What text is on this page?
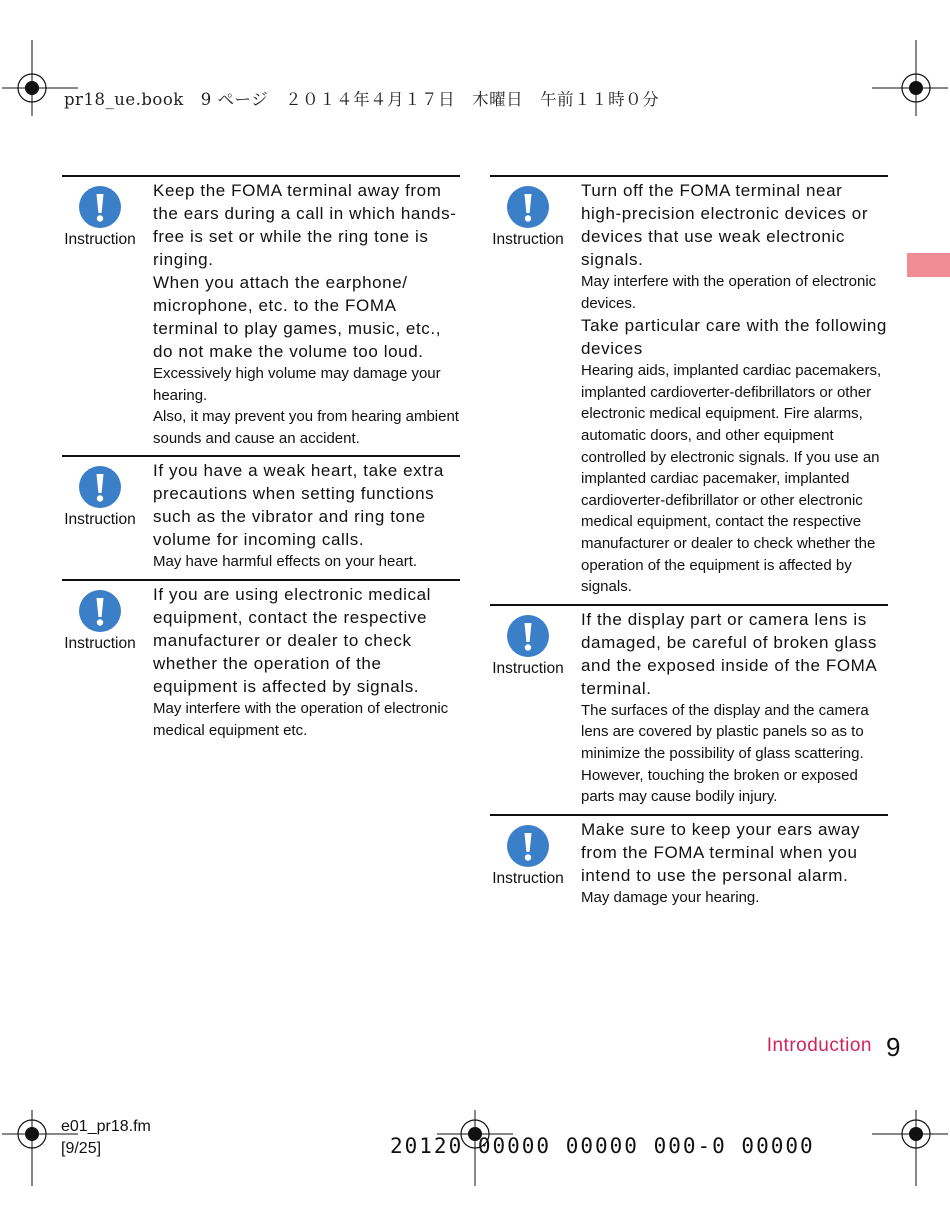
pr18_ue.book　9 ページ　２０１４年４月１７日　木曜日　午前１１時０分
Instruction

Keep the FOMA terminal away from the ears during a call in which hands-free is set or while the ring tone is ringing.

When you attach the earphone/ microphone, etc. to the FOMA terminal to play games, music, etc., do not make the volume too loud.

Excessively high volume may damage your hearing.

Also, it may prevent you from hearing ambient sounds and cause an accident.

Instruction

If you have a weak heart, take extra precautions when setting functions such as the vibrator and ring tone volume for incoming calls.

May have harmful effects on your heart.

Instruction

If you are using electronic medical equipment, contact the respective manufacturer or dealer to check whether the operation of the equipment is affected by signals.

May interfere with the operation of electronic medical equipment etc.

Instruction

Turn off the FOMA terminal near high-precision electronic devices or devices that use weak electronic signals.

May interfere with the operation of electronic devices.

Take particular care with the following devices

Hearing aids, implanted cardiac pacemakers, implanted cardioverter-defibrillators or other electronic medical equipment. Fire alarms, automatic doors, and other equipment controlled by electronic signals. If you use an implanted cardiac pacemaker, implanted cardioverter-defibrillator or other electronic medical equipment, contact the respective manufacturer or dealer to check whether the operation of the equipment is affected by signals.

Instruction

If the display part or camera lens is damaged, be careful of broken glass and the exposed inside of the FOMA terminal.

The surfaces of the display and the camera lens are covered by plastic panels so as to minimize the possibility of glass scattering. However, touching the broken or exposed parts may cause bodily injury.

Instruction

Make sure to keep your ears away from the FOMA terminal when you intend to use the personal alarm.

May damage your hearing.

Introduction 9
e01_pr18.fm
[9/25]	20120 00000 00000 000-0 00000
